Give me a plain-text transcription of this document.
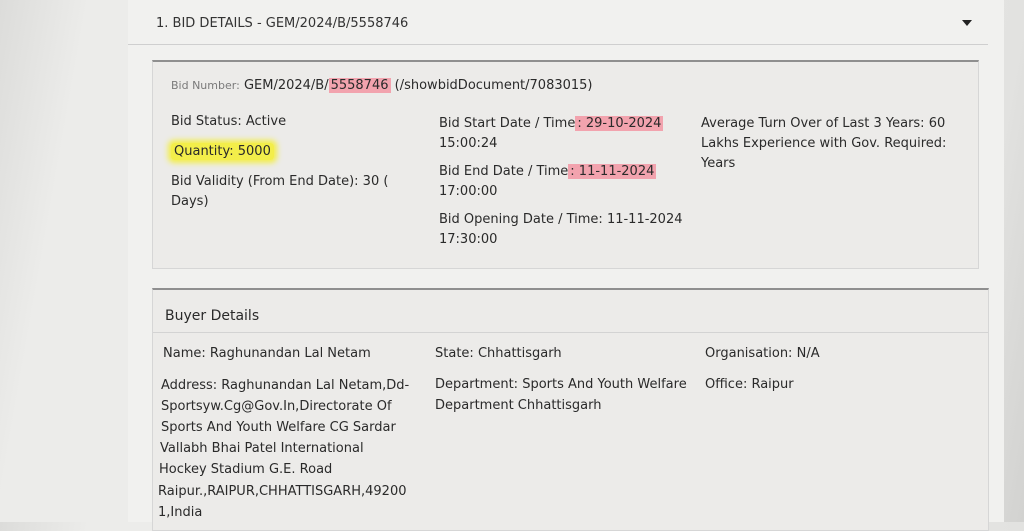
1. BID DETAILS - GEM/2024/B/5558746
Bid Number: GEM/2024/B/ 5558746 (/showbidDocument/7083015)
Bid Status: Active
Quantity: 5000
Bid Validity (From End Date): 30 (
Days)
Bid Start Date / Time : 29-10-2024
15:00:24
Bid End Date / Time : 11-11-2024
17:00:00
Bid Opening Date / Time: 11-11-2024
17:30:00
Average Turn Over of Last 3 Years: 60
Lakhs Experience with Gov. Required:
Years
Buyer Details
Name: Raghunandan Lal Netam
Address: Raghunandan Lal Netam,Dd-
Sportsyw.Cg@Gov.In,Directorate Of
Sports And Youth Welfare CG Sardar
Vallabh Bhai Patel International
Hockey Stadium G.E. Road
Raipur.,RAIPUR,CHHATTISGARH,49200
1,India
State: Chhattisgarh
Department: Sports And Youth Welfare
Department Chhattisgarh
Organisation: N/A
Office: Raipur
